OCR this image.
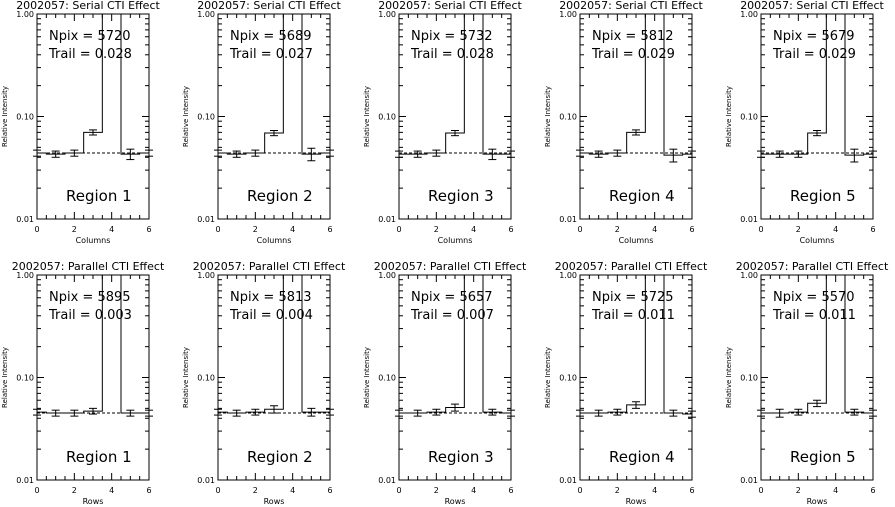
2002057: Serial CTI Effect
0.01
0.10
1.00
0	2	4	6
Columns
Relative Intensity
Npix = 5720
Trail = 0.028
Region 1
2002057: Serial CTI Effect
0.01
0.10
1.00
0	2	4	6
Columns
Relative Intensity
Npix = 5689
Trail = 0.027
Region 2
2002057: Serial CTI Effect
0.01
0.10
1.00
0	2	4	6
Columns
Relative Intensity
Npix = 5732
Trail = 0.028
Region 3
2002057: Serial CTI Effect
0.01
0.10
1.00
0	2	4	6
Columns
Relative Intensity
Npix = 5812
Trail = 0.029
Region 4
2002057: Serial CTI Effect
0.01
0.10
1.00
0	2	4	6
Columns
Relative Intensity
Npix = 5679
Trail = 0.029
Region 5
2002057: Parallel CTI Effect
0.01
0.10
1.00
0	2	4	6
Rows
Relative Intensity
Npix = 5895
Trail = 0.003
Region 1
2002057: Parallel CTI Effect
0.01
0.10
1.00
0	2	4	6
Rows
Relative Intensity
Npix = 5813
Trail = 0.004
Region 2
2002057: Parallel CTI Effect
0.01
0.10
1.00
0	2	4	6
Rows
Relative Intensity
Npix = 5657
Trail = 0.007
Region 3
2002057: Parallel CTI Effect
0.01
0.10
1.00
0	2	4	6
Rows
Relative Intensity
Npix = 5725
Trail = 0.011
Region 4
2002057: Parallel CTI Effect
0.01
0.10
1.00
0	2	4	6
Rows
Relative Intensity
Npix = 5570
Trail = 0.011
Region 5
